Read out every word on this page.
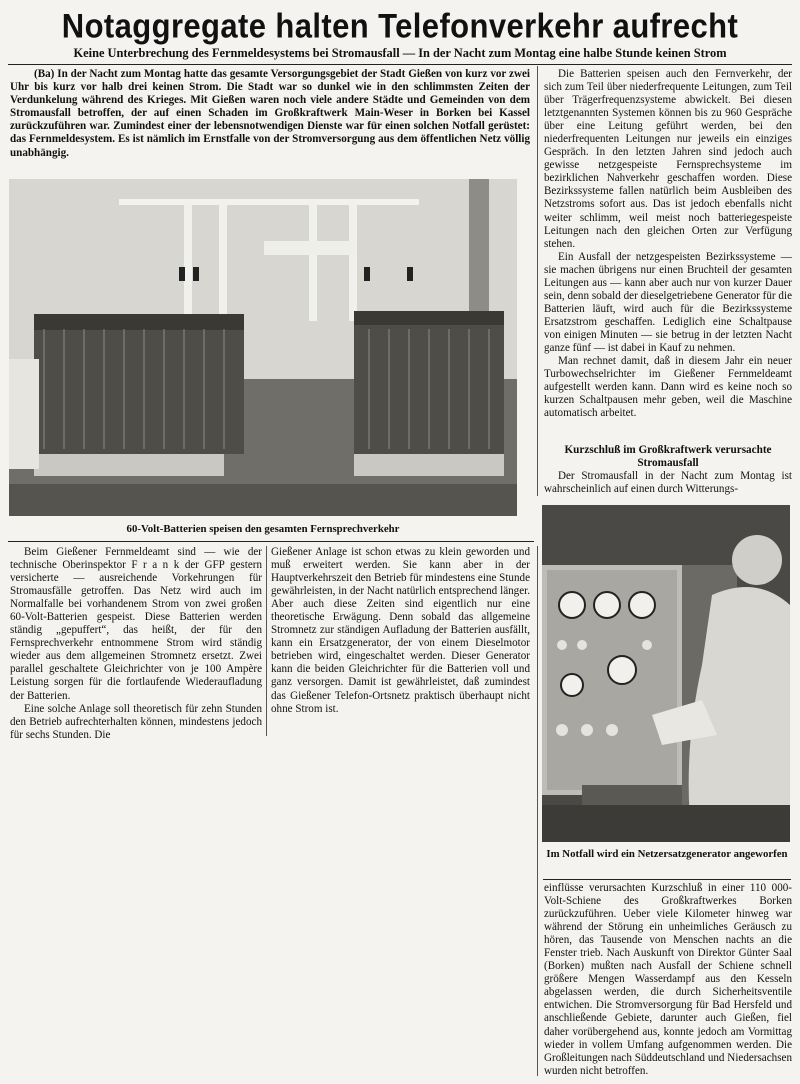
Notaggregate halten Telefonverkehr aufrecht
Keine Unterbrechung des Fernmeldesystems bei Stromausfall — In der Nacht zum Montag eine halbe Stunde keinen Strom

(Ba) In der Nacht zum Montag hatte das gesamte Versorgungsgebiet der Stadt Gießen von kurz vor zwei Uhr bis kurz vor halb drei keinen Strom. Die Stadt war so dunkel wie in den schlimmsten Zeiten der Verdunkelung während des Krieges. Mit Gießen waren noch viele andere Städte und Gemeinden von dem Stromausfall betroffen, der auf einen Schaden im Großkraftwerk Main-Weser in Borken bei Kassel zurückzuführen war. Zumindest einer der lebensnotwendigen Dienste war für einen solchen Notfall gerüstet: das Fernmeldesystem. Es ist nämlich im Ernstfalle von der Stromversorgung aus dem öffentlichen Netz völlig unabhängig.

60-Volt-Batterien speisen den gesamten Fernsprechverkehr

Beim Gießener Fernmeldeamt sind — wie der technische Oberinspektor F r a n k der GFP gestern versicherte — ausreichende Vorkehrungen für Stromausfälle getroffen. Das Netz wird auch im Normalfalle bei vorhandenem Strom von zwei großen 60-Volt-Batterien gespeist. Diese Batterien werden ständig „gepuffert“, das heißt, der für den Fernsprechverkehr entnommene Strom wird ständig wieder aus dem allgemeinen Stromnetz ersetzt. Zwei parallel geschaltete Gleichrichter von je 100 Ampère Leistung sorgen für die fortlaufende Wiederaufladung der Batterien.

Eine solche Anlage soll theoretisch für zehn Stunden den Betrieb aufrechterhalten können, mindestens jedoch für sechs Stunden. Die

Gießener Anlage ist schon etwas zu klein geworden und muß erweitert werden. Sie kann aber in der Hauptverkehrszeit den Betrieb für mindestens eine Stunde gewährleisten, in der Nacht natürlich entsprechend länger. Aber auch diese Zeiten sind eigentlich nur eine theoretische Erwägung. Denn sobald das allgemeine Stromnetz zur ständigen Aufladung der Batterien ausfällt, kann ein Ersatzgenerator, der von einem Dieselmotor betrieben wird, eingeschaltet werden. Dieser Generator kann die beiden Gleichrichter für die Batterien voll und ganz versorgen. Damit ist gewährleistet, daß zumindest das Gießener Telefon-Ortsnetz praktisch überhaupt nicht ohne Strom ist.

Die Batterien speisen auch den Fernverkehr, der sich zum Teil über niederfrequente Leitungen, zum Teil über Trägerfrequenzsysteme abwickelt. Bei diesen letztgenannten Systemen können bis zu 960 Gespräche über eine Leitung geführt werden, bei den niederfrequenten Leitungen nur jeweils ein einziges Gespräch. In den letzten Jahren sind jedoch auch gewisse netzgespeiste Fernsprechsysteme im bezirklichen Nahverkehr geschaffen worden. Diese Bezirkssysteme fallen natürlich beim Ausbleiben des Netzstroms sofort aus. Das ist jedoch ebenfalls nicht weiter schlimm, weil meist noch batteriegespeiste Leitungen nach den gleichen Orten zur Verfügung stehen.

Ein Ausfall der netzgespeisten Bezirkssysteme — sie machen übrigens nur einen Bruchteil der gesamten Leitungen aus — kann aber auch nur von kurzer Dauer sein, denn sobald der dieselgetriebene Generator für die Batterien läuft, wird auch für die Bezirkssysteme Ersatzstrom geschaffen. Lediglich eine Schaltpause von einigen Minuten — sie betrug in der letzten Nacht ganze fünf — ist dabei in Kauf zu nehmen.

Man rechnet damit, daß in diesem Jahr ein neuer Turbowechselrichter im Gießener Fernmeldeamt aufgestellt werden kann. Dann wird es keine noch so kurzen Schaltpausen mehr geben, weil die Maschine automatisch arbeitet.

Kurzschluß im Großkraftwerk verursachte Stromausfall

Der Stromausfall in der Nacht zum Montag ist wahrscheinlich auf einen durch Witterungs-

Im Notfall wird ein Netzersatzgenerator angeworfen

einflüsse verursachten Kurzschluß in einer 110 000-Volt-Schiene des Großkraftwerkes Borken zurückzuführen. Ueber viele Kilometer hinweg war während der Störung ein unheimliches Geräusch zu hören, das Tausende von Menschen nachts an die Fenster trieb. Nach Auskunft von Direktor Günter Saal (Borken) mußten nach Ausfall der Schiene schnell größere Mengen Wasserdampf aus den Kesseln abgelassen werden, die durch Sicherheitsventile entwichen. Die Stromversorgung für Bad Hersfeld und anschließende Gebiete, darunter auch Gießen, fiel daher vorübergehend aus, konnte jedoch am Vormittag wieder in vollem Umfang aufgenommen werden. Die Großleitungen nach Süddeutschland und Niedersachsen wurden nicht betroffen.
